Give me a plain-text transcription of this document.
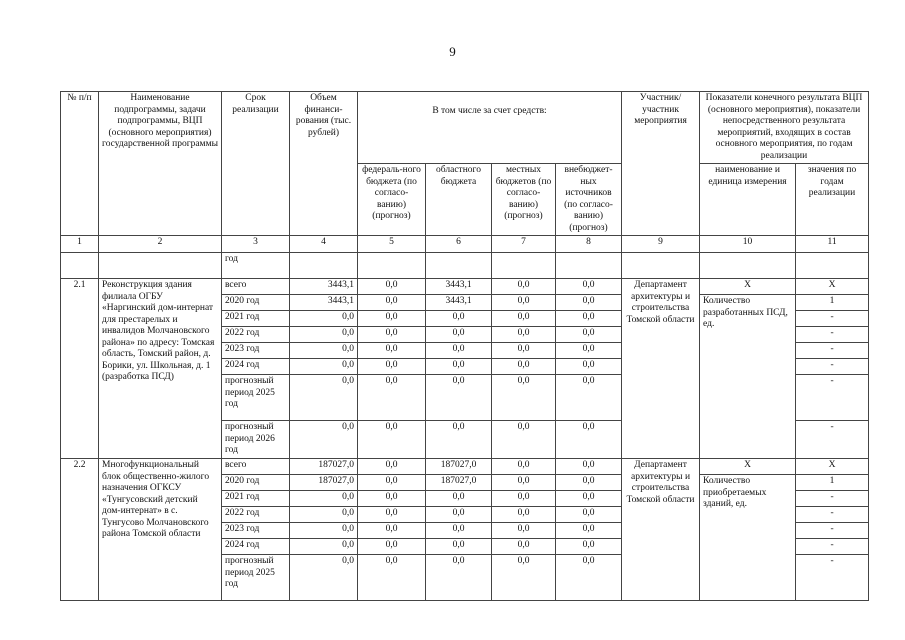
9
№ п/п	Наименование подпрограммы, задачи подпрограммы, ВЦП (основного мероприятия) государственной программы	Срок реализации	Объем финанси-рования (тыс. рублей)	В том числе за счет средств:				Участник/ участник мероприятия	Показатели конечного результата ВЦП (основного мероприятия), показатели непосредственного результата мероприятий, входящих в состав основного мероприятия, по годам реализации	
				федераль-ного бюджета (по согласо-ванию) (прогноз)	областного бюджета	местных бюджетов (по согласо-ванию) (прогноз)	внебюджет-ных источников (по согласо-ванию) (прогноз)		наименование и единица измерения	значения по годам реализации
1	2	3	4	5	6	7	8	9	10	11
		год								
2.1	Реконструкция здания филиала ОГБУ «Наргинский дом-интернат для престарелых и инвалидов Молчановского района» по адресу: Томская область, Томский район, д. Борики, ул. Школьная, д. 1 (разработка ПСД)	всего	3443,1	0,0	3443,1	0,0	0,0	Департамент архитектуры и строительства Томской области	Х	Х
		2020 год	3443,1	0,0	3443,1	0,0	0,0		Количество разработанных ПСД, ед.	1
		2021 год	0,0	0,0	0,0	0,0	0,0			-
		2022 год	0,0	0,0	0,0	0,0	0,0			-
		2023 год	0,0	0,0	0,0	0,0	0,0			-
		2024 год	0,0	0,0	0,0	0,0	0,0			-
		прогнозный период 2025 год	0,0	0,0	0,0	0,0	0,0			-
		прогнозный период 2026 год	0,0	0,0	0,0	0,0	0,0			-
2.2	Многофункциональный блок общественно-жилого назначения ОГКСУ «Тунгусовский детский дом-интернат» в с. Тунгусово Молчановского района Томской области	всего	187027,0	0,0	187027,0	0,0	0,0	Департамент архитектуры и строительства Томской области	Х	Х
		2020 год	187027,0	0,0	187027,0	0,0	0,0		Количество приобретаемых зданий, ед.	1
		2021 год	0,0	0,0	0,0	0,0	0,0			-
		2022 год	0,0	0,0	0,0	0,0	0,0			-
		2023 год	0,0	0,0	0,0	0,0	0,0			-
		2024 год	0,0	0,0	0,0	0,0	0,0			-
		прогнозный период 2025 год	0,0	0,0	0,0	0,0	0,0			-
